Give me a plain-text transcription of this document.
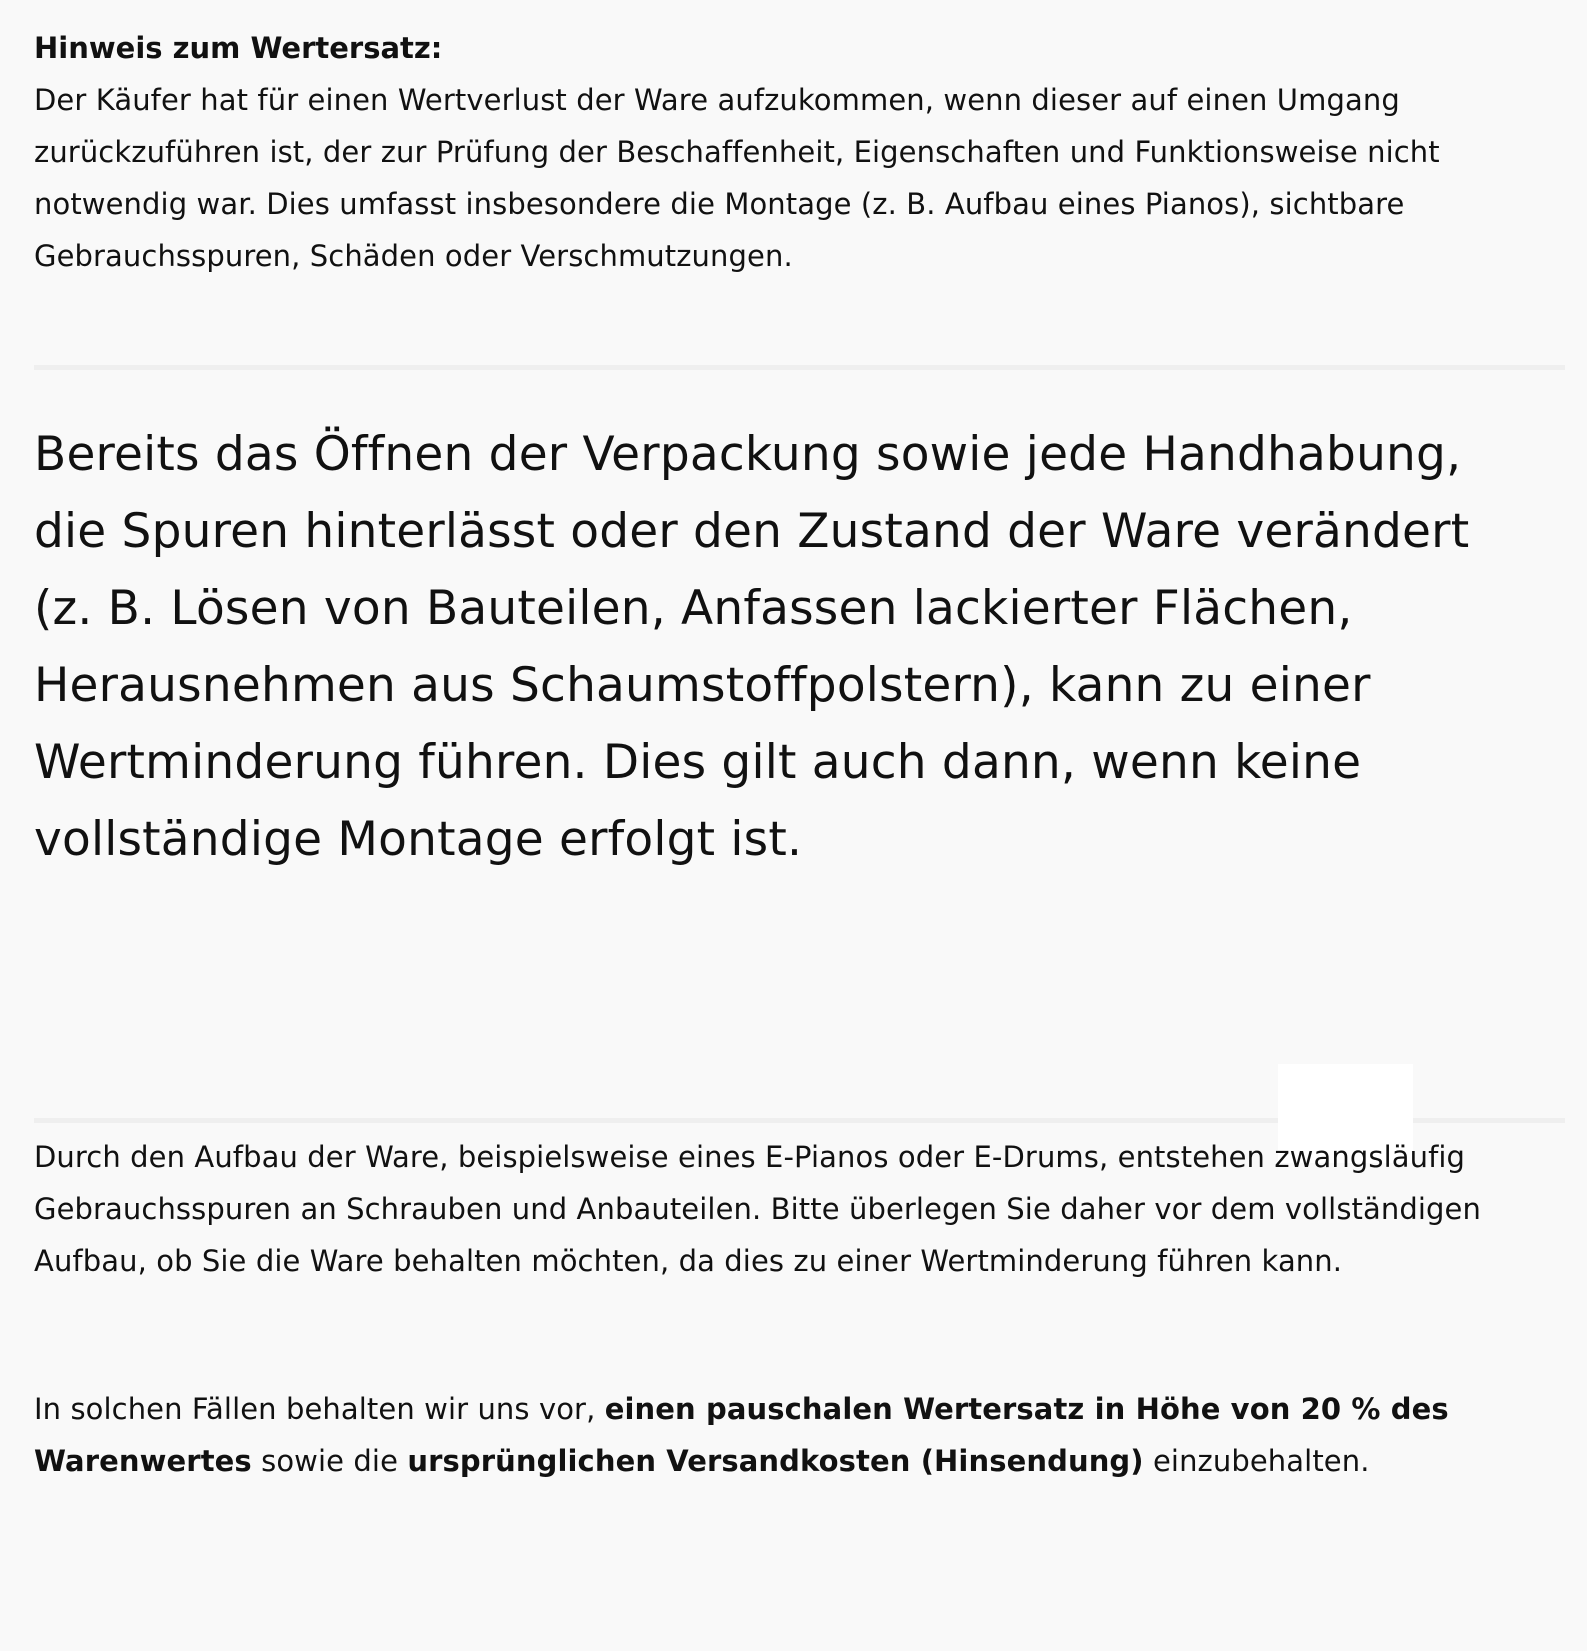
Hinweis zum Wertersatz:

Der Käufer hat für einen Wertverlust der Ware aufzukommen, wenn dieser auf einen Umgang zurückzuführen ist, der zur Prüfung der Beschaffenheit, Eigenschaften und Funktionsweise nicht notwendig war. Dies umfasst insbesondere die Montage (z. B. Aufbau eines Pianos), sichtbare Gebrauchsspuren, Schäden oder Verschmutzungen.

Bereits das Öffnen der Verpackung sowie jede Handhabung, die Spuren hinterlässt oder den Zustand der Ware verändert (z. B. Lösen von Bauteilen, Anfassen lackierter Flächen, Herausnehmen aus Schaumstoffpolstern), kann zu einer Wertminderung führen. Dies gilt auch dann, wenn keine vollständige Montage erfolgt ist.

Durch den Aufbau der Ware, beispielsweise eines E-Pianos oder E-Drums, entstehen zwangsläufig Gebrauchsspuren an Schrauben und Anbauteilen. Bitte überlegen Sie daher vor dem vollständigen Aufbau, ob Sie die Ware behalten möchten, da dies zu einer Wertminderung führen kann.

In solchen Fällen behalten wir uns vor, einen pauschalen Wertersatz in Höhe von 20 % des Warenwertes sowie die ursprünglichen Versandkosten (Hinsendung) einzubehalten.
